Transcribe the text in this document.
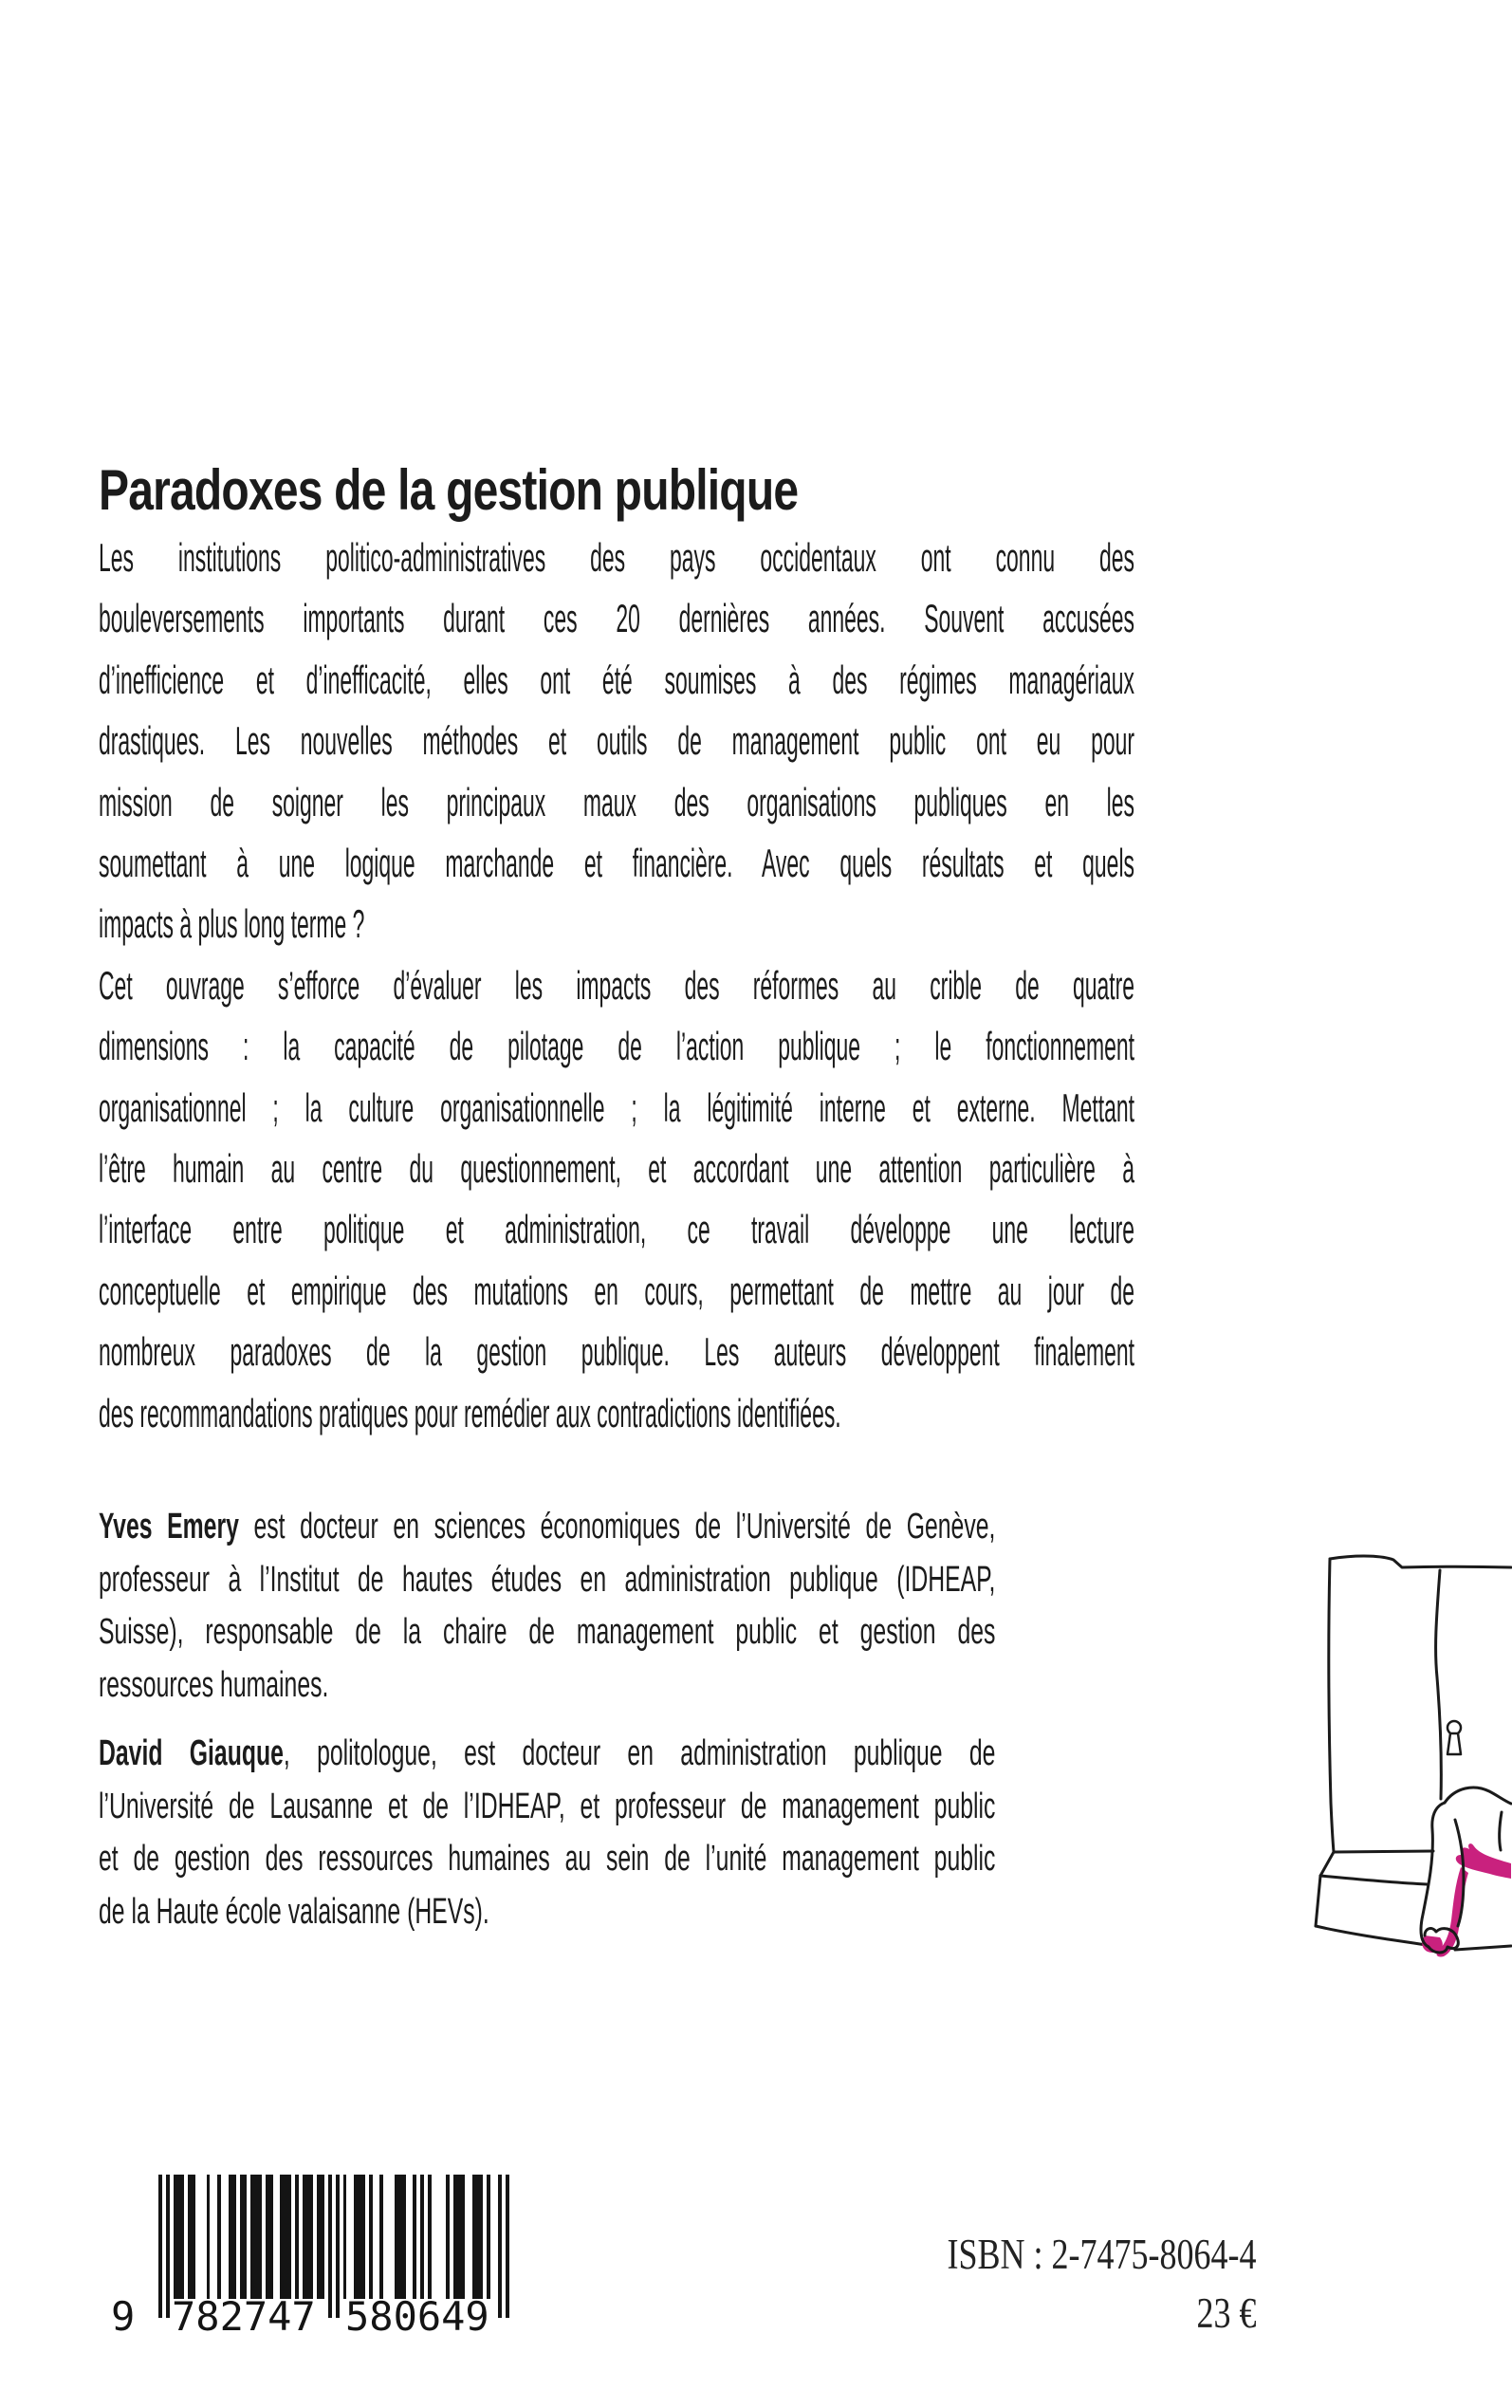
Paradoxes de la gestion publique
Les institutions politico-administratives des pays occidentaux ont connu des
bouleversements importants durant ces 20 dernières années. Souvent accusées
d’inefficience et d’inefficacité, elles ont été soumises à des régimes managériaux
drastiques. Les nouvelles méthodes et outils de management public ont eu pour
mission de soigner les principaux maux des organisations publiques en les
soumettant à une logique marchande et financière. Avec quels résultats et quels
impacts à plus long terme ?
Cet ouvrage s’efforce d’évaluer les impacts des réformes au crible de quatre
dimensions : la capacité de pilotage de l’action publique ; le fonctionnement
organisationnel ; la culture organisationnelle ; la légitimité interne et externe. Mettant
l’être humain au centre du questionnement, et accordant une attention particulière à
l’interface entre politique et administration, ce travail développe une lecture
conceptuelle et empirique des mutations en cours, permettant de mettre au jour de
nombreux paradoxes de la gestion publique. Les auteurs développent finalement
des recommandations pratiques pour remédier aux contradictions identifiées.
Yves Emery est docteur en sciences économiques de l’Université de Genève,
professeur à l’Institut de hautes études en administration publique (IDHEAP,
Suisse), responsable de la chaire de management public et gestion des
ressources humaines.
David Giauque, politologue, est docteur en administration publique de
l’Université de Lausanne et de l’IDHEAP, et professeur de management public
et de gestion des ressources humaines au sein de l’unité management public
de la Haute école valaisanne (HEVs).
9 782747 580649
ISBN : 2-7475-8064-4
23 €
